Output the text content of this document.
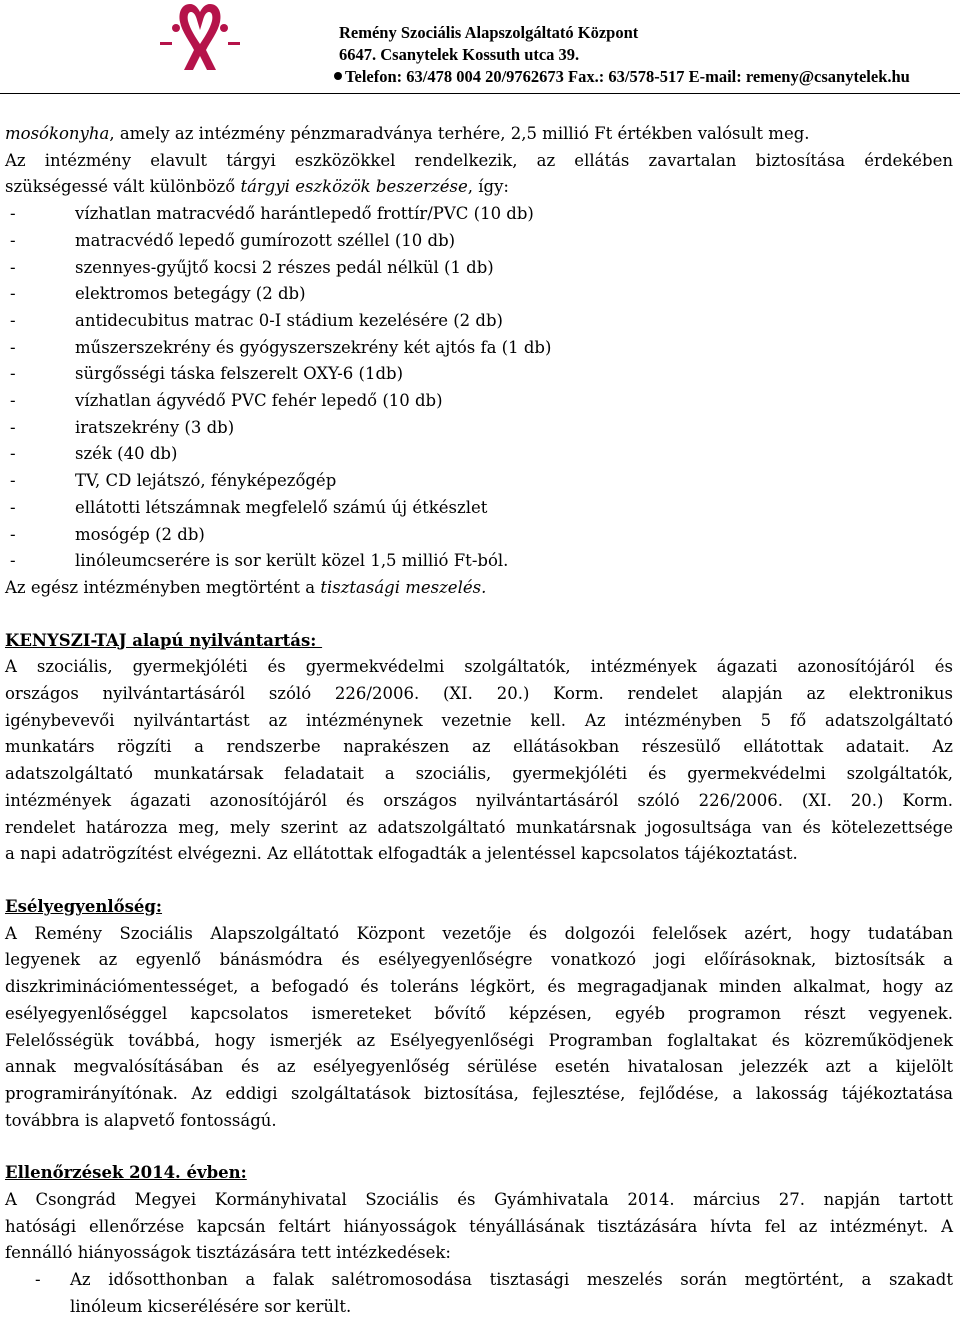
Remény Szociális Alapszolgáltató Központ
6647. Csanytelek Kossuth utca 39.
Telefon: 63/478 004 20/9762673 Fax.: 63/578-517 E-mail: remeny@csanytelek.hu

mosókonyha, amely az intézmény pénzmaradványa terhére, 2,5 millió Ft értékben valósult meg.

Az intézmény elavult tárgyi eszközökkel rendelkezik, az ellátás zavartalan biztosítása érdekében

szükségessé vált különböző tárgyi eszközök beszerzése, így:

-	vízhatlan matracvédő harántlepedő frottír/PVC (10 db)
-	matracvédő lepedő gumírozott széllel (10 db)
-	szennyes-gyűjtő kocsi 2 részes pedál nélkül (1 db)
-	elektromos betegágy (2 db)
-	antidecubitus matrac 0-I stádium kezelésére (2 db)
-	műszerszekrény és gyógyszerszekrény két ajtós fa (1 db)
-	sürgősségi táska felszerelt OXY-6 (1db)
-	vízhatlan ágyvédő PVC fehér lepedő (10 db)
-	iratszekrény (3 db)
-	szék (40 db)
-	TV, CD lejátszó, fényképezőgép
-	ellátotti létszámnak megfelelő számú új étkészlet
-	mosógép (2 db)
-	linóleumcserére is sor került közel 1,5 millió Ft-ból.

Az egész intézményben megtörtént a tisztasági meszelés.

KENYSZI-TAJ alapú nyilvántartás:

A szociális, gyermekjóléti és gyermekvédelmi szolgáltatók, intézmények ágazati azonosítójáról és

országos nyilvántartásáról szóló 226/2006. (XI. 20.) Korm. rendelet alapján az elektronikus

igénybevevői nyilvántartást az intézménynek vezetnie kell. Az intézményben 5 fő adatszolgáltató

munkatárs rögzíti a rendszerbe naprakészen az ellátásokban részesülő ellátottak adatait. Az

adatszolgáltató munkatársak feladatait a szociális, gyermekjóléti és gyermekvédelmi szolgáltatók,

intézmények ágazati azonosítójáról és országos nyilvántartásáról szóló 226/2006. (XI. 20.) Korm.

rendelet határozza meg, mely szerint az adatszolgáltató munkatársnak jogosultsága van és kötelezettsége

a napi adatrögzítést elvégezni. Az ellátottak elfogadták a jelentéssel kapcsolatos tájékoztatást.

Esélyegyenlőség:

A Remény Szociális Alapszolgáltató Központ vezetője és dolgozói felelősek azért, hogy tudatában

legyenek az egyenlő bánásmódra és esélyegyenlőségre vonatkozó jogi előírásoknak, biztosítsák a

diszkriminációmentességet, a befogadó és toleráns légkört, és megragadjanak minden alkalmat, hogy az

esélyegyenlőséggel kapcsolatos ismereteket bővítő képzésen, egyéb programon részt vegyenek.

Felelősségük továbbá, hogy ismerjék az Esélyegyenlőségi Programban foglaltakat és közreműködjenek

annak megvalósításában és az esélyegyenlőség sérülése esetén hivatalosan jelezzék azt a kijelölt

programirányítónak. Az eddigi szolgáltatások biztosítása, fejlesztése, fejlődése, a lakosság tájékoztatása

továbbra is alapvető fontosságú.

Ellenőrzések 2014. évben:

A Csongrád Megyei Kormányhivatal Szociális és Gyámhivatala 2014. március 27. napján tartott

hatósági ellenőrzése kapcsán feltárt hiányosságok tényállásának tisztázására hívta fel az intézményt. A

fennálló hiányosságok tisztázására tett intézkedések:

-	Az idősotthonban a falak salétromosodása tisztasági meszelés során megtörtént, a szakadt
linóleum kicserélésére sor került.
